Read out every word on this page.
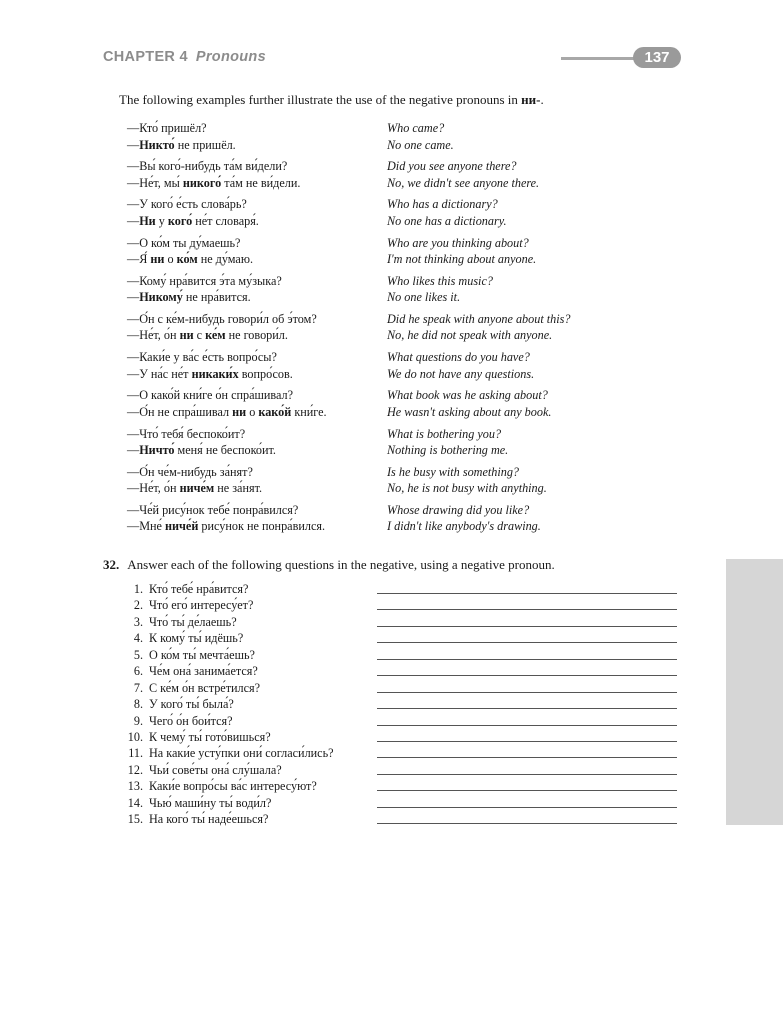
CHAPTER 4 Pronouns	137
The following examples further illustrate the use of the negative pronouns in ни-.
—Кто́ пришёл?
—Никто́ не пришёл.
Who came?
No one came.
—Вы́ кого́-нибудь та́м ви́дели?
—Не́т, мы́ никого́ та́м не ви́дели.
Did you see anyone there?
No, we didn't see anyone there.
—У кого́ е́сть слова́рь?
—Ни у кого́ не́т словаря́.
Who has a dictionary?
No one has a dictionary.
—О ко́м ты ду́маешь?
—Я́ ни о ко́м не ду́маю.
Who are you thinking about?
I'm not thinking about anyone.
—Кому́ нра́вится э́та му́зыка?
—Никому́ не нра́вится.
Who likes this music?
No one likes it.
—О́н с ке́м-нибудь говори́л об э́том?
—Не́т, о́н ни с ке́м не говори́л.
Did he speak with anyone about this?
No, he did not speak with anyone.
—Каки́е у ва́с е́сть вопро́сы?
—У на́с не́т никаки́х вопро́сов.
What questions do you have?
We do not have any questions.
—О како́й кни́ге о́н спра́шивал?
—О́н не спра́шивал ни о како́й кни́ге.
What book was he asking about?
He wasn't asking about any book.
—Что́ тебя́ беспоко́ит?
—Ничто́ меня́ не беспоко́ит.
What is bothering you?
Nothing is bothering me.
—О́н че́м-нибудь за́нят?
—Не́т, о́н ниче́м не за́нят.
Is he busy with something?
No, he is not busy with anything.
—Че́й рису́нок тебе́ понра́вился?
—Мне́ ниче́й рису́нок не понра́вился.
Whose drawing did you like?
I didn't like anybody's drawing.
32. Answer each of the following questions in the negative, using a negative pronoun.
1. Кто́ тебе́ нра́вится?
2. Что́ его́ интересу́ет?
3. Что́ ты́ де́лаешь?
4. К кому́ ты́ идёшь?
5. О ко́м ты́ мечта́ешь?
6. Че́м она́ занима́ется?
7. С ке́м о́н встре́тился?
8. У кого́ ты́ была́?
9. Чего́ о́н бои́тся?
10. К чему́ ты́ гото́вишься?
11. На каки́е усту́пки они́ согласи́лись?
12. Чьи́ сове́ты она́ слу́шала?
13. Каки́е вопро́сы ва́с интересу́ют?
14. Чью́ маши́ну ты́ води́л?
15. На кого́ ты́ наде́ешься?
